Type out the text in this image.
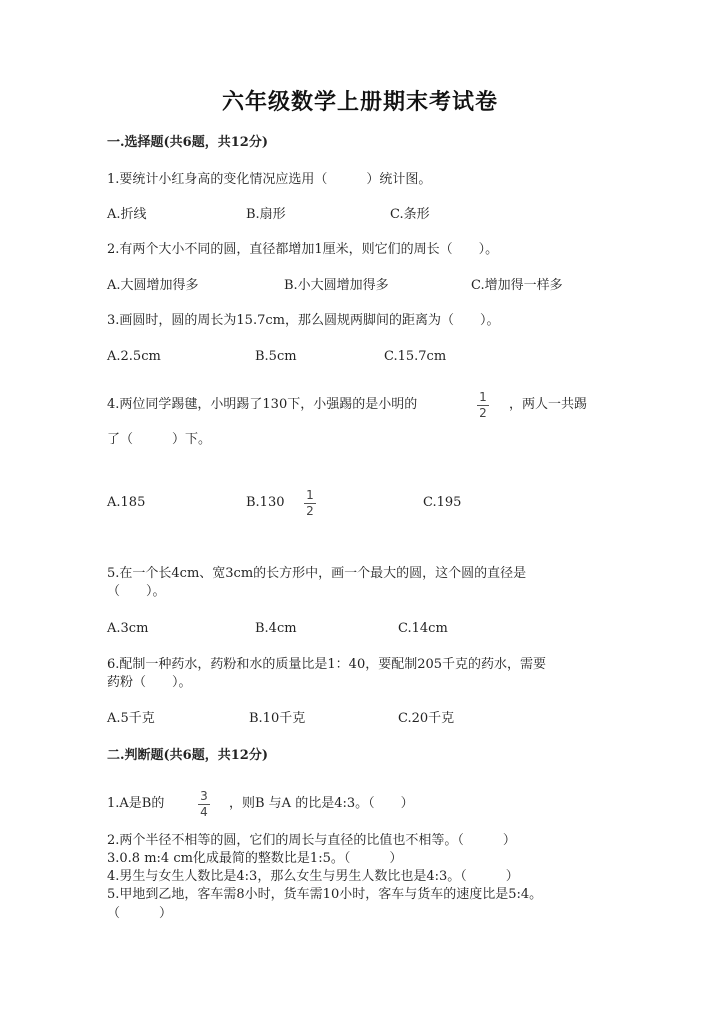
六年级数学上册期末考试卷
一.选择题(共6题，共12分)
1.要统计小红身高的变化情况应选用（　　　）统计图。
A.折线	B.扇形	C.条形
2.有两个大小不同的圆，直径都增加1厘米，则它们的周长（　　）。
A.大圆增加得多	B.小大圆增加得多	C.增加得一样多
3.画圆时，圆的周长为15.7cm，那么圆规两脚间的距离为（　　）。
A.2.5cm	B.5cm	C.15.7cm
4.两位同学踢毽，小明踢了130下，小强踢的是小明的	1
2
，两人一共踢
了（　　　）下。
A.185	B.130 1
2
C.195
5.在一个长4cm、宽3cm的长方形中，画一个最大的圆，这个圆的直径是
（　　）。
A.3cm	B.4cm	C.14cm
6.配制一种药水，药粉和水的质量比是1：40，要配制205千克的药水，需要
药粉（　　）。
A.5千克	B.10千克	C.20千克
二.判断题(共6题，共12分)
1.A是B的	3
4
，则B 与A 的比是4:3。（　　）
2.两个半径不相等的圆，它们的周长与直径的比值也不相等。（　　　）
3.0.8 m:4 cm化成最简的整数比是1:5。（　　　）
4.男生与女生人数比是4:3，那么女生与男生人数比也是4:3。（　　　）
5.甲地到乙地，客车需8小时，货车需10小时，客车与货车的速度比是5:4。
（　　　）
